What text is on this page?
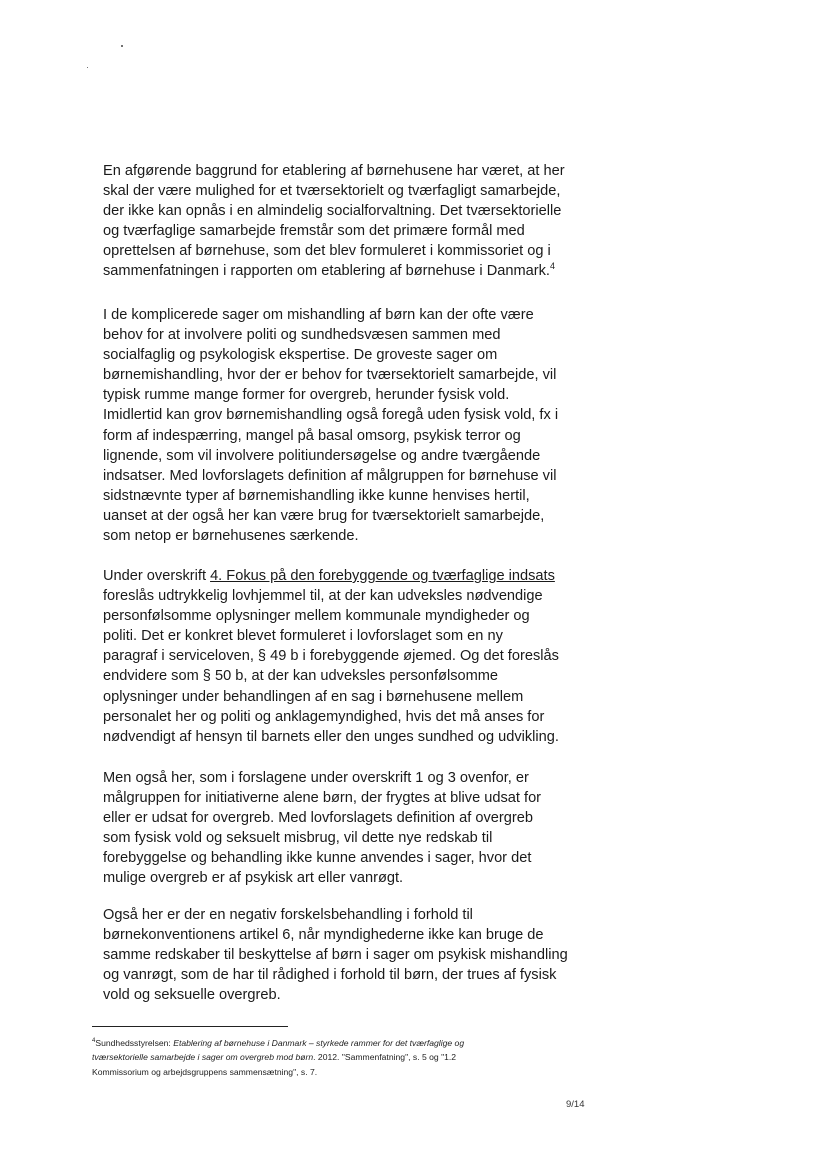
En afgørende baggrund for etablering af børnehusene har været, at her
skal der være mulighed for et tværsektorielt og tværfagligt samarbejde,
der ikke kan opnås i en almindelig socialforvaltning. Det tværsektorielle
og tværfaglige samarbejde fremstår som det primære formål med
oprettelsen af børnehuse, som det blev formuleret i kommissoriet og i
sammenfatningen i rapporten om etablering af børnehuse i Danmark.$^4$

I de komplicerede sager om mishandling af børn kan der ofte være
behov for at involvere politi og sundhedsvæsen sammen med
socialfaglig og psykologisk ekspertise. De groveste sager om
børnemishandling, hvor der er behov for tværsektorielt samarbejde, vil
typisk rumme mange former for overgreb, herunder fysisk vold.
Imidlertid kan grov børnemishandling også foregå uden fysisk vold, fx i
form af indespærring, mangel på basal omsorg, psykisk terror og
lignende, som vil involvere politiundersøgelse og andre tværgående
indsatser. Med lovforslagets definition af målgruppen for børnehuse vil
sidstnævnte typer af børnemishandling ikke kunne henvises hertil,
uanset at der også her kan være brug for tværsektorielt samarbejde,
som netop er børnehusenes særkende.

Under overskrift 4. Fokus på den forebyggende og tværfaglige indsats
foreslås udtrykkelig lovhjemmel til, at der kan udveksles nødvendige
personfølsomme oplysninger mellem kommunale myndigheder og
politi. Det er konkret blevet formuleret i lovforslaget som en ny
paragraf i serviceloven, § 49 b i forebyggende øjemed. Og det foreslås
endvidere som § 50 b, at der kan udveksles personfølsomme
oplysninger under behandlingen af en sag i børnehusene mellem
personalet her og politi og anklagemyndighed, hvis det må anses for
nødvendigt af hensyn til barnets eller den unges sundhed og udvikling.

Men også her, som i forslagene under overskrift 1 og 3 ovenfor, er
målgruppen for initiativerne alene børn, der frygtes at blive udsat for
eller er udsat for overgreb. Med lovforslagets definition af overgreb
som fysisk vold og seksuelt misbrug, vil dette nye redskab til
forebyggelse og behandling ikke kunne anvendes i sager, hvor det
mulige overgreb er af psykisk art eller vanrøgt.

Også her er der en negativ forskelsbehandling i forhold til
børnekonventionens artikel 6, når myndighederne ikke kan bruge de
samme redskaber til beskyttelse af børn i sager om psykisk mishandling
og vanrøgt, som de har til rådighed i forhold til børn, der trues af fysisk
vold og seksuelle overgreb.

$^4$Sundhedsstyrelsen: Etablering af børnehuse i Danmark – styrkede rammer for det tværfaglige og
tværsektorielle samarbejde i sager om overgreb mod børn. 2012. "Sammenfatning", s. 5 og "1.2
Kommissorium og arbejdsgruppens sammensætning", s. 7.
9/14
